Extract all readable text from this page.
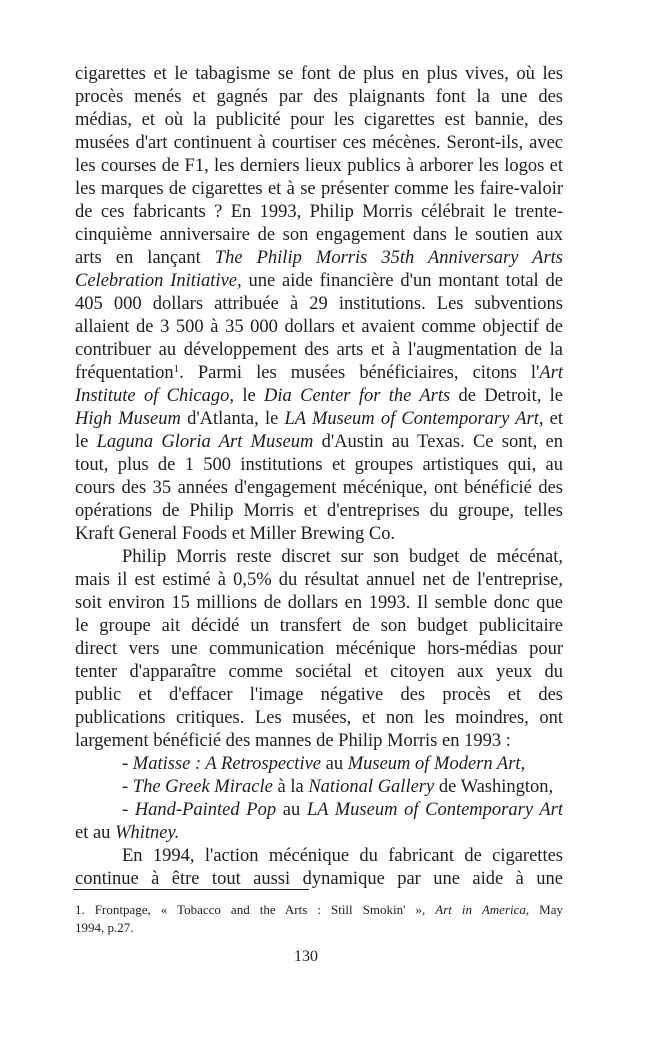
cigarettes et le tabagisme se font de plus en plus vives, où les
procès menés et gagnés par des plaignants font la une des
médias, et où la publicité pour les cigarettes est bannie, des
musées d'art continuent à courtiser ces mécènes. Seront-ils, avec
les courses de F1, les derniers lieux publics à arborer les logos et
les marques de cigarettes et à se présenter comme les faire-valoir
de ces fabricants ? En 1993, Philip Morris célébrait le trente-
cinquième anniversaire de son engagement dans le soutien aux
arts en lançant The Philip Morris 35th Anniversary Arts
Celebration Initiative, une aide financière d'un montant total de
405 000 dollars attribuée à 29 institutions. Les subventions
allaient de 3 500 à 35 000 dollars et avaient comme objectif de
contribuer au développement des arts et à l'augmentation de la
fréquentation$^1$. Parmi les musées bénéficiaires, citons l'Art
Institute of Chicago, le Dia Center for the Arts de Detroit, le
High Museum d'Atlanta, le LA Museum of Contemporary Art, et
le Laguna Gloria Art Museum d'Austin au Texas. Ce sont, en
tout, plus de 1 500 institutions et groupes artistiques qui, au
cours des 35 années d'engagement mécénique, ont bénéficié des
opérations de Philip Morris et d'entreprises du groupe, telles
Kraft General Foods et Miller Brewing Co.
Philip Morris reste discret sur son budget de mécénat,
mais il est estimé à 0,5% du résultat annuel net de l'entreprise,
soit environ 15 millions de dollars en 1993. Il semble donc que
le groupe ait décidé un transfert de son budget publicitaire
direct vers une communication mécénique hors-médias pour
tenter d'apparaître comme sociétal et citoyen aux yeux du
public et d'effacer l'image négative des procès et des
publications critiques. Les musées, et non les moindres, ont
largement bénéficié des mannes de Philip Morris en 1993 :
- Matisse : A Retrospective au Museum of Modern Art,
- The Greek Miracle à la National Gallery de Washington,
- Hand-Painted Pop au LA Museum of Contemporary Art
et au Whitney.
En 1994, l'action mécénique du fabricant de cigarettes
continue à être tout aussi dynamique par une aide à une
1. Frontpage, « Tobacco and the Arts : Still Smokin' », Art in America, May
1994, p.27.
130
